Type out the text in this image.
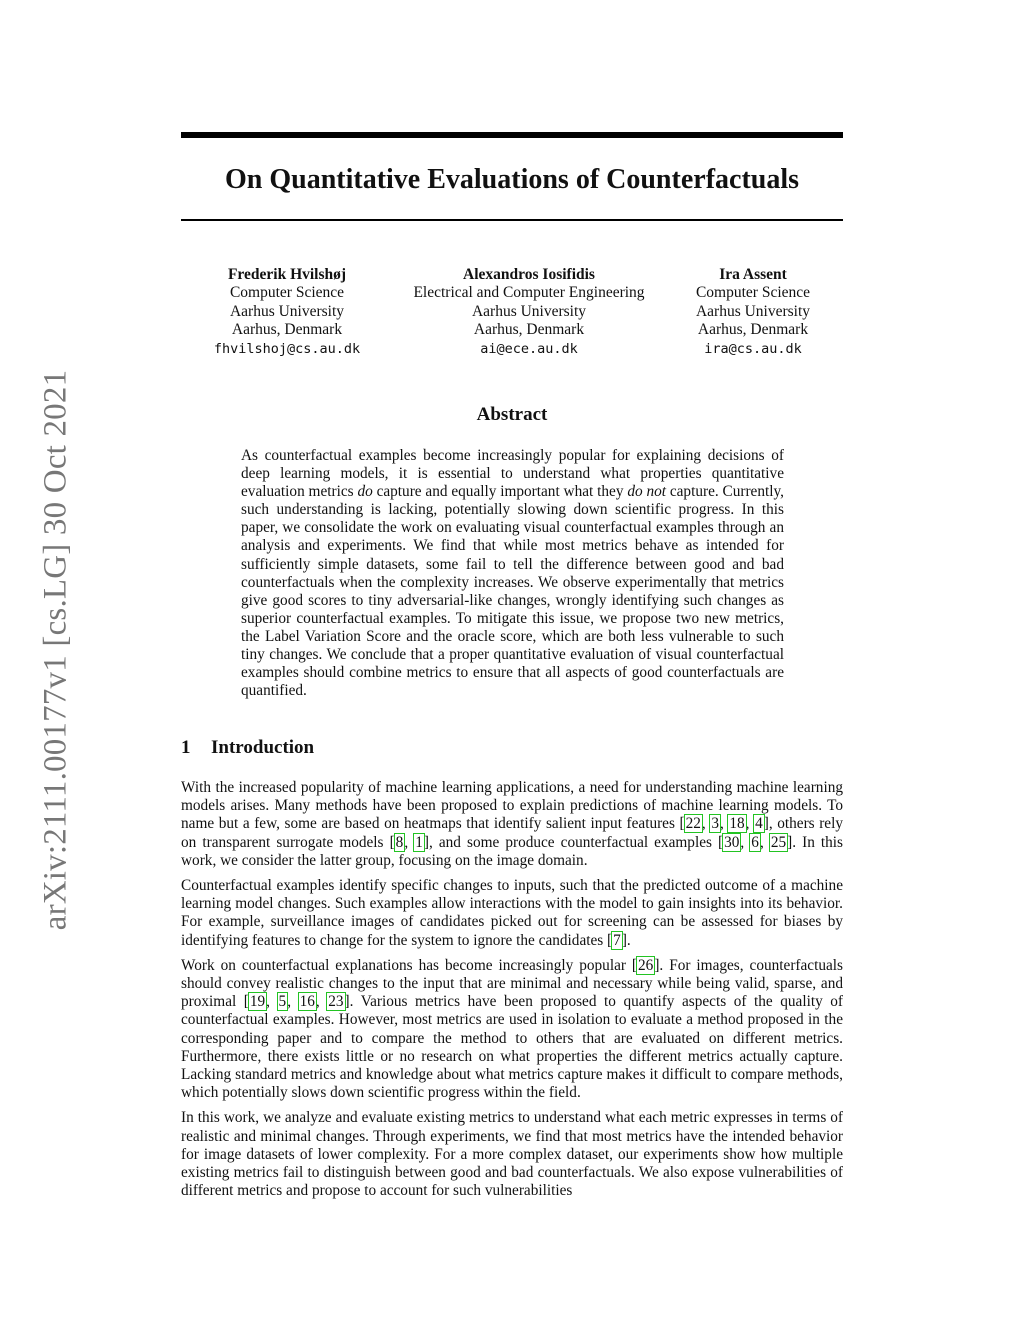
arXiv:2111.00177v1 [cs.LG] 30 Oct 2021
On Quantitative Evaluations of Counterfactuals
Frederik Hvilshøj
Computer Science
Aarhus University
Aarhus, Denmark
fhvilshoj@cs.au.dk
Alexandros Iosifidis
Electrical and Computer Engineering
Aarhus University
Aarhus, Denmark
ai@ece.au.dk
Ira Assent
Computer Science
Aarhus University
Aarhus, Denmark
ira@cs.au.dk
Abstract

As counterfactual examples become increasingly popular for explaining decisions of deep learning models, it is essential to understand what properties quantitative evaluation metrics do capture and equally important what they do not capture. Currently, such understanding is lacking, potentially slowing down scientific progress. In this paper, we consolidate the work on evaluating visual counterfactual examples through an analysis and experiments. We find that while most metrics behave as intended for sufficiently simple datasets, some fail to tell the difference between good and bad counterfactuals when the complexity increases. We observe experimentally that metrics give good scores to tiny adversarial-like changes, wrongly identifying such changes as superior counterfactual examples. To mitigate this issue, we propose two new metrics, the Label Variation Score and the oracle score, which are both less vulnerable to such tiny changes. We conclude that a proper quantitative evaluation of visual counterfactual examples should combine metrics to ensure that all aspects of good counterfactuals are quantified.

1 Introduction

With the increased popularity of machine learning applications, a need for understanding machine learning models arises. Many methods have been proposed to explain predictions of machine learning models. To name but a few, some are based on heatmaps that identify salient input features [22, 3, 18, 4], others rely on transparent surrogate models [8, 1], and some produce counterfactual examples [30, 6, 25]. In this work, we consider the latter group, focusing on the image domain.

Counterfactual examples identify specific changes to inputs, such that the predicted outcome of a machine learning model changes. Such examples allow interactions with the model to gain insights into its behavior. For example, surveillance images of candidates picked out for screening can be assessed for biases by identifying features to change for the system to ignore the candidates [7].

Work on counterfactual explanations has become increasingly popular [26]. For images, counterfactuals should convey realistic changes to the input that are minimal and necessary while being valid, sparse, and proximal [19, 5, 16, 23]. Various metrics have been proposed to quantify aspects of the quality of counterfactual examples. However, most metrics are used in isolation to evaluate a method proposed in the corresponding paper and to compare the method to others that are evaluated on different metrics. Furthermore, there exists little or no research on what properties the different metrics actually capture. Lacking standard metrics and knowledge about what metrics capture makes it difficult to compare methods, which potentially slows down scientific progress within the field.

In this work, we analyze and evaluate existing metrics to understand what each metric expresses in terms of realistic and minimal changes. Through experiments, we find that most metrics have the intended behavior for image datasets of lower complexity. For a more complex dataset, our experiments show how multiple existing metrics fail to distinguish between good and bad counterfactuals. We also expose vulnerabilities of different metrics and propose to account for such vulnerabilities
